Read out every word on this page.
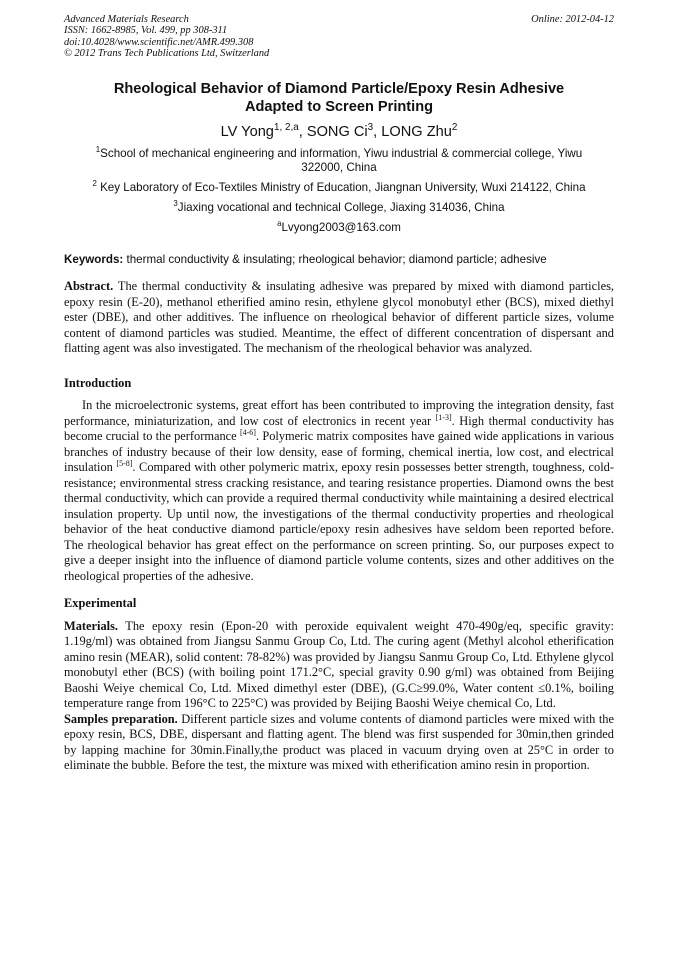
Advanced Materials Research
ISSN: 1662-8985, Vol. 499, pp 308-311
doi:10.4028/www.scientific.net/AMR.499.308
© 2012 Trans Tech Publications Ltd, Switzerland
Online: 2012-04-12
Rheological Behavior of Diamond Particle/Epoxy Resin Adhesive
Adapted to Screen Printing
LV Yong$^{1, 2,a}$, SONG Ci$^3$, LONG Zhu$^2$
$^1$School of mechanical engineering and information, Yiwu industrial & commercial college, Yiwu
322000, China
$^2$ Key Laboratory of Eco-Textiles Ministry of Education, Jiangnan University, Wuxi 214122, China
$^3$Jiaxing vocational and technical College, Jiaxing 314036, China
$^a$Lvyong2003@163.com
Keywords: thermal conductivity & insulating; rheological behavior; diamond particle; adhesive
Abstract. The thermal conductivity & insulating adhesive was prepared by mixed with diamond particles, epoxy resin (E-20), methanol etherified amino resin, ethylene glycol monobutyl ether (BCS), mixed diethyl ester (DBE), and other additives. The influence on rheological behavior of different particle sizes, volume content of diamond particles was studied. Meantime, the effect of different concentration of dispersant and flatting agent was also investigated. The mechanism of the rheological behavior was analyzed.
Introduction
In the microelectronic systems, great effort has been contributed to improving the integration density, fast performance, miniaturization, and low cost of electronics in recent year [1-3]. High thermal conductivity has become crucial to the performance [4-6]. Polymeric matrix composites have gained wide applications in various branches of industry because of their low density, ease of forming, chemical inertia, low cost, and electrical insulation [5-8]. Compared with other polymeric matrix, epoxy resin possesses better strength, toughness, cold-resistance; environmental stress cracking resistance, and tearing resistance properties. Diamond owns the best thermal conductivity, which can provide a required thermal conductivity while maintaining a desired electrical insulation property. Up until now, the investigations of the thermal conductivity properties and rheological behavior of the heat conductive diamond particle/epoxy resin adhesives have seldom been reported before. The rheological behavior has great effect on the performance on screen printing. So, our purposes expect to give a deeper insight into the influence of diamond particle volume contents, sizes and other additives on the rheological properties of the adhesive.
Experimental
Materials. The epoxy resin (Epon-20 with peroxide equivalent weight 470-490g/eq, specific gravity: 1.19g/ml) was obtained from Jiangsu Sanmu Group Co, Ltd. The curing agent (Methyl alcohol etherification amino resin (MEAR), solid content: 78-82%) was provided by Jiangsu Sanmu Group Co, Ltd. Ethylene glycol monobutyl ether (BCS) (with boiling point 171.2°C, special gravity 0.90 g/ml) was obtained from Beijing Baoshi Weiye chemical Co, Ltd. Mixed dimethyl ester (DBE), (G.C≥99.0%, Water content ≤0.1%, boiling temperature range from 196°C to 225°C) was provided by Beijing Baoshi Weiye chemical Co, Ltd.
Samples preparation. Different particle sizes and volume contents of diamond particles were mixed with the epoxy resin, BCS, DBE, dispersant and flatting agent. The blend was first suspended for 30min,then grinded by lapping machine for 30min.Finally,the product was placed in vacuum drying oven at 25°C in order to eliminate the bubble. Before the test, the mixture was mixed with etherification amino resin in proportion.
